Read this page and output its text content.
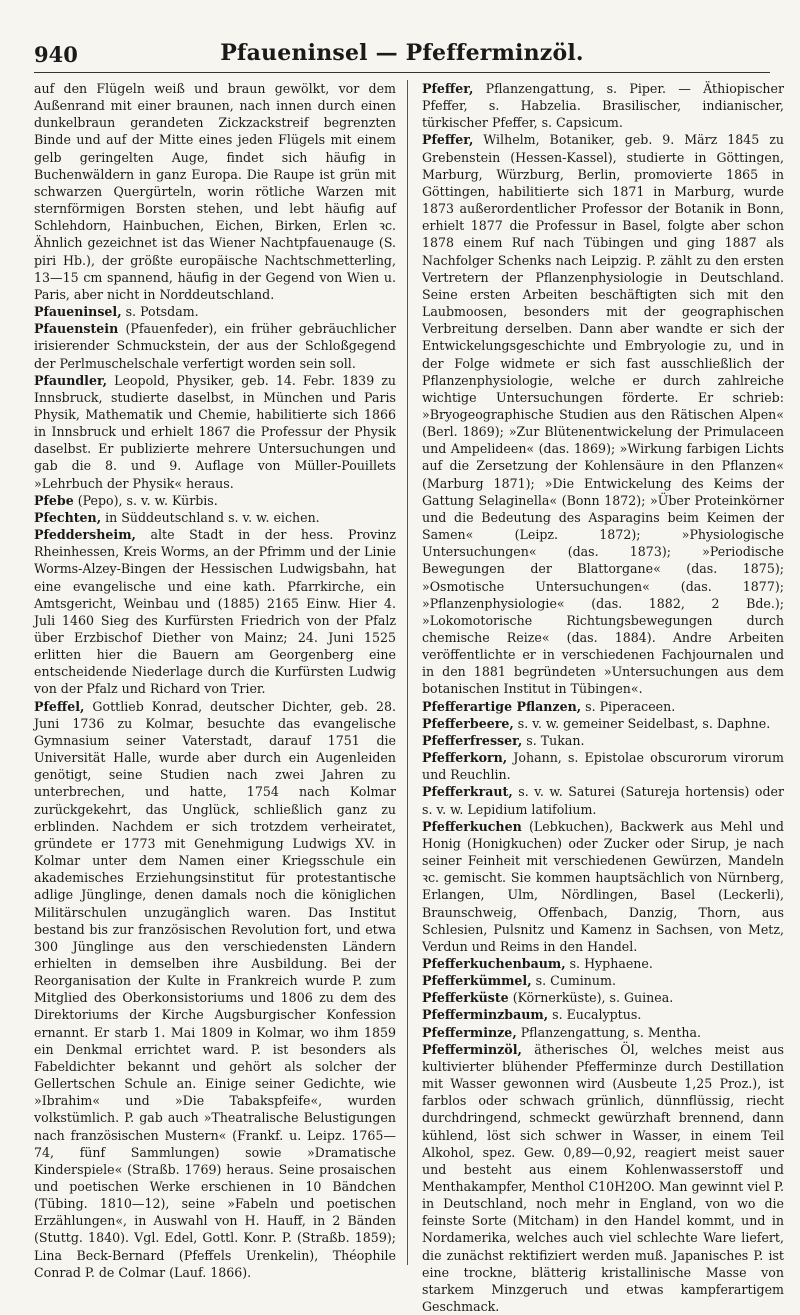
940	Pfaueninsel — Pfefferminzöl.

auf den Flügeln weiß und braun gewölkt, vor dem Außenrand mit einer braunen, nach innen durch einen dunkelbraun gerandeten Zickzackstreif begrenzten Binde und auf der Mitte eines jeden Flügels mit einem gelb geringelten Auge, findet sich häufig in Buchenwäldern in ganz Europa. Die Raupe ist grün mit schwarzen Quergürteln, worin rötliche Warzen mit sternförmigen Borsten stehen, und lebt häufig auf Schlehdorn, Hainbuchen, Eichen, Birken, Erlen ꝛc. Ähnlich gezeichnet ist das Wiener Nachtpfauenauge (S. piri Hb.), der größte europäische Nachtschmetterling, 13—15 cm spannend, häufig in der Gegend von Wien u. Paris, aber nicht in Norddeutschland.

Pfaueninsel, s. Potsdam.

Pfauenstein (Pfauenfeder), ein früher gebräuchlicher irisierender Schmuckstein, der aus der Schloßgegend der Perlmuschelschale verfertigt worden sein soll.

Pfaundler, Leopold, Physiker, geb. 14. Febr. 1839 zu Innsbruck, studierte daselbst, in München und Paris Physik, Mathematik und Chemie, habilitierte sich 1866 in Innsbruck und erhielt 1867 die Professur der Physik daselbst. Er publizierte mehrere Untersuchungen und gab die 8. und 9. Auflage von Müller-Pouillets »Lehrbuch der Physik« heraus.

Pfebe (Pepo), s. v. w. Kürbis.

Pfechten, in Süddeutschland s. v. w. eichen.

Pfeddersheim, alte Stadt in der hess. Provinz Rheinhessen, Kreis Worms, an der Pfrimm und der Linie Worms-Alzey-Bingen der Hessischen Ludwigsbahn, hat eine evangelische und eine kath. Pfarrkirche, ein Amtsgericht, Weinbau und (1885) 2165 Einw. Hier 4. Juli 1460 Sieg des Kurfürsten Friedrich von der Pfalz über Erzbischof Diether von Mainz; 24. Juni 1525 erlitten hier die Bauern am Georgenberg eine entscheidende Niederlage durch die Kurfürsten Ludwig von der Pfalz und Richard von Trier.

Pfeffel, Gottlieb Konrad, deutscher Dichter, geb. 28. Juni 1736 zu Kolmar, besuchte das evangelische Gymnasium seiner Vaterstadt, darauf 1751 die Universität Halle, wurde aber durch ein Augenleiden genötigt, seine Studien nach zwei Jahren zu unterbrechen, und hatte, 1754 nach Kolmar zurückgekehrt, das Unglück, schließlich ganz zu erblinden. Nachdem er sich trotzdem verheiratet, gründete er 1773 mit Genehmigung Ludwigs XV. in Kolmar unter dem Namen einer Kriegsschule ein akademisches Erziehungsinstitut für protestantische adlige Jünglinge, denen damals noch die königlichen Militärschulen unzugänglich waren. Das Institut bestand bis zur französischen Revolution fort, und etwa 300 Jünglinge aus den verschiedensten Ländern erhielten in demselben ihre Ausbildung. Bei der Reorganisation der Kulte in Frankreich wurde P. zum Mitglied des Oberkonsistoriums und 1806 zu dem des Direktoriums der Kirche Augsburgischer Konfession ernannt. Er starb 1. Mai 1809 in Kolmar, wo ihm 1859 ein Denkmal errichtet ward. P. ist besonders als Fabeldichter bekannt und gehört als solcher der Gellertschen Schule an. Einige seiner Gedichte, wie »Ibrahim« und »Die Tabakspfeife«, wurden volkstümlich. P. gab auch »Theatralische Belustigungen nach französischen Mustern« (Frankf. u. Leipz. 1765—74, fünf Sammlungen) sowie »Dramatische Kinderspiele« (Straßb. 1769) heraus. Seine prosaischen und poetischen Werke erschienen in 10 Bändchen (Tübing. 1810—12), seine »Fabeln und poetischen Erzählungen«, in Auswahl von H. Hauff, in 2 Bänden (Stuttg. 1840). Vgl. Edel, Gottl. Konr. P. (Straßb. 1859); Lina Beck-Bernard (Pfeffels Urenkelin), Théophile Conrad P. de Colmar (Lauf. 1866).

Pfeffer, Pflanzengattung, s. Piper. — Äthiopischer Pfeffer, s. Habzelia. Brasilischer, indianischer, türkischer Pfeffer, s. Capsicum.

Pfeffer, Wilhelm, Botaniker, geb. 9. März 1845 zu Grebenstein (Hessen-Kassel), studierte in Göttingen, Marburg, Würzburg, Berlin, promovierte 1865 in Göttingen, habilitierte sich 1871 in Marburg, wurde 1873 außerordentlicher Professor der Botanik in Bonn, erhielt 1877 die Professur in Basel, folgte aber schon 1878 einem Ruf nach Tübingen und ging 1887 als Nachfolger Schenks nach Leipzig. P. zählt zu den ersten Vertretern der Pflanzenphysiologie in Deutschland. Seine ersten Arbeiten beschäftigten sich mit den Laubmoosen, besonders mit der geographischen Verbreitung derselben. Dann aber wandte er sich der Entwickelungsgeschichte und Embryologie zu, und in der Folge widmete er sich fast ausschließlich der Pflanzenphysiologie, welche er durch zahlreiche wichtige Untersuchungen förderte. Er schrieb: »Bryogeographische Studien aus den Rätischen Alpen« (Berl. 1869); »Zur Blütenentwickelung der Primulaceen und Ampelideen« (das. 1869); »Wirkung farbigen Lichts auf die Zersetzung der Kohlensäure in den Pflanzen« (Marburg 1871); »Die Entwickelung des Keims der Gattung Selaginella« (Bonn 1872); »Über Proteinkörner und die Bedeutung des Asparagins beim Keimen der Samen« (Leipz. 1872); »Physiologische Untersuchungen« (das. 1873); »Periodische Bewegungen der Blattorgane« (das. 1875); »Osmotische Untersuchungen« (das. 1877); »Pflanzenphysiologie« (das. 1882, 2 Bde.); »Lokomotorische Richtungsbewegungen durch chemische Reize« (das. 1884). Andre Arbeiten veröffentlichte er in verschiedenen Fachjournalen und in den 1881 begründeten »Untersuchungen aus dem botanischen Institut in Tübingen«.

Pfefferartige Pflanzen, s. Piperaceen.

Pfefferbeere, s. v. w. gemeiner Seidelbast, s. Daphne.

Pfefferfresser, s. Tukan.

Pfefferkorn, Johann, s. Epistolae obscurorum virorum und Reuchlin.

Pfefferkraut, s. v. w. Saturei (Satureja hortensis) oder s. v. w. Lepidium latifolium.

Pfefferkuchen (Lebkuchen), Backwerk aus Mehl und Honig (Honigkuchen) oder Zucker oder Sirup, je nach seiner Feinheit mit verschiedenen Gewürzen, Mandeln ꝛc. gemischt. Sie kommen hauptsächlich von Nürnberg, Erlangen, Ulm, Nördlingen, Basel (Leckerli), Braunschweig, Offenbach, Danzig, Thorn, aus Schlesien, Pulsnitz und Kamenz in Sachsen, von Metz, Verdun und Reims in den Handel.

Pfefferkuchenbaum, s. Hyphaene.

Pfefferkümmel, s. Cuminum.

Pfefferküste (Körnerküste), s. Guinea.

Pfefferminzbaum, s. Eucalyptus.

Pfefferminze, Pflanzengattung, s. Mentha.

Pfefferminzöl, ätherisches Öl, welches meist aus kultivierter blühender Pfefferminze durch Destillation mit Wasser gewonnen wird (Ausbeute 1,25 Proz.), ist farblos oder schwach grünlich, dünnflüssig, riecht durchdringend, schmeckt gewürzhaft brennend, dann kühlend, löst sich schwer in Wasser, in einem Teil Alkohol, spez. Gew. 0,89—0,92, reagiert meist sauer und besteht aus einem Kohlenwasserstoff und Menthakampfer, Menthol C10H20O. Man gewinnt viel P. in Deutschland, noch mehr in England, von wo die feinste Sorte (Mitcham) in den Handel kommt, und in Nordamerika, welches auch viel schlechte Ware liefert, die zunächst rektifiziert werden muß. Japanisches P. ist eine trockne, blätterig kristallinische Masse von starkem Minzgeruch und etwas kampferartigem Geschmack.
